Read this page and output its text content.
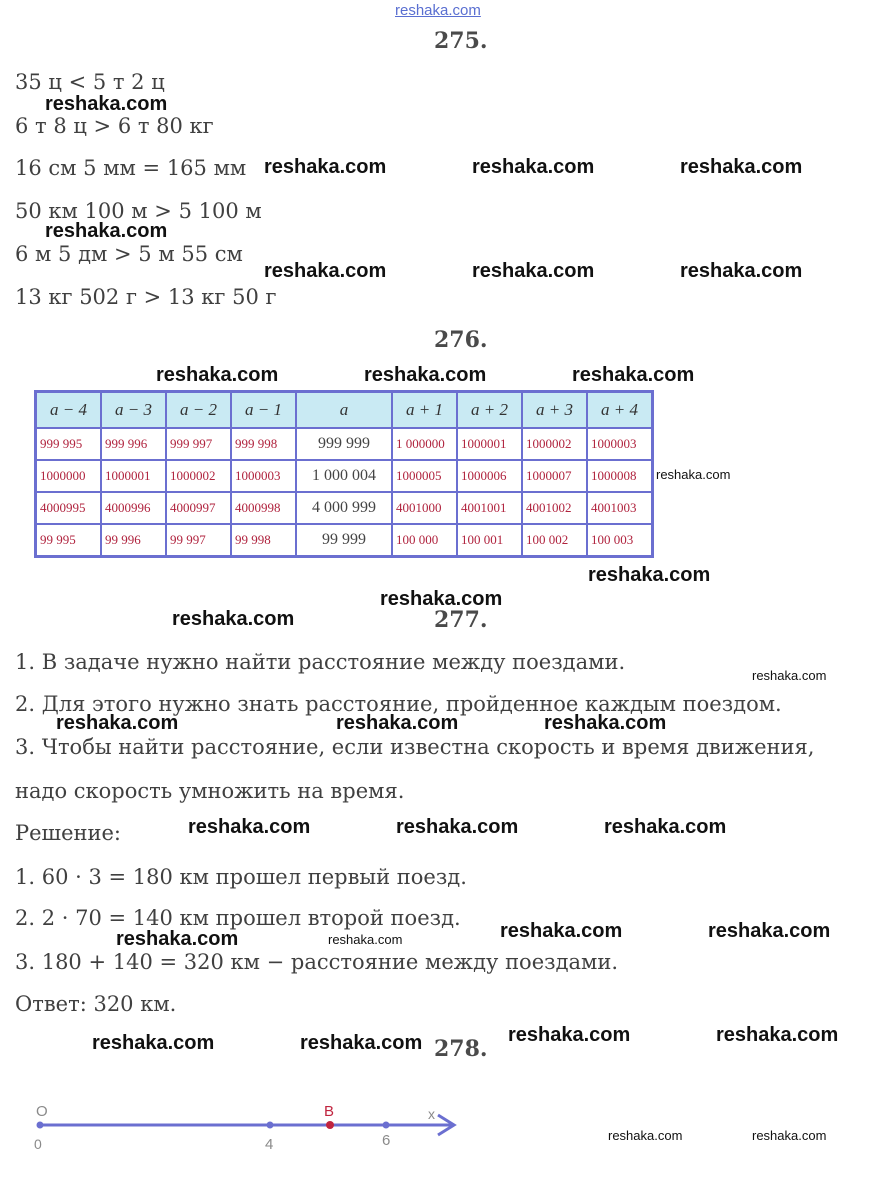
reshaka.com
275.
35 ц < 5 т 2 ц
6 т 8 ц > 6 т 80 кг
16 см 5 мм = 165 мм
50 км 100 м > 5 100 м
6 м 5 дм > 5 м 55 см
13 кг 502 г > 13 кг 50 г
276.
a − 4	a − 3	a − 2	a − 1	a	a + 1	a + 2	a + 3	a + 4
999 995	999 996	999 997	999 998	999 999	1 000000	1000001	1000002	1000003
1000000	1000001	1000002	1000003	1 000 004	1000005	1000006	1000007	1000008
4000995	4000996	4000997	4000998	4 000 999	4001000	4001001	4001002	4001003
99 995	99 996	99 997	99 998	99 999	100 000	100 001	100 002	100 003
277.
1. В задаче нужно найти расстояние между поездами.
2. Для этого нужно знать расстояние, пройденное каждым поездом.
3. Чтобы найти расстояние, если известна скорость и время движения,
надо скорость умножить на время.
Решение:
1. 60 · 3 = 180 км прошел первый поезд.
2. 2 · 70 = 140 км прошел второй поезд.
3. 180 + 140 = 320 км − расстояние между поездами.
Ответ: 320 км.
278.
O	B	x
0	4	6
reshaka.com
reshaka.com	reshaka.com	reshaka.com
reshaka.com
reshaka.com	reshaka.com	reshaka.com
reshaka.com	reshaka.com	reshaka.com
reshaka.com
reshaka.com
reshaka.com
reshaka.com
reshaka.com
reshaka.com	reshaka.com	reshaka.com
reshaka.com	reshaka.com	reshaka.com
reshaka.com	reshaka.com
reshaka.com	reshaka.com
reshaka.com	reshaka.com
reshaka.com	reshaka.com
reshaka.com	reshaka.com
